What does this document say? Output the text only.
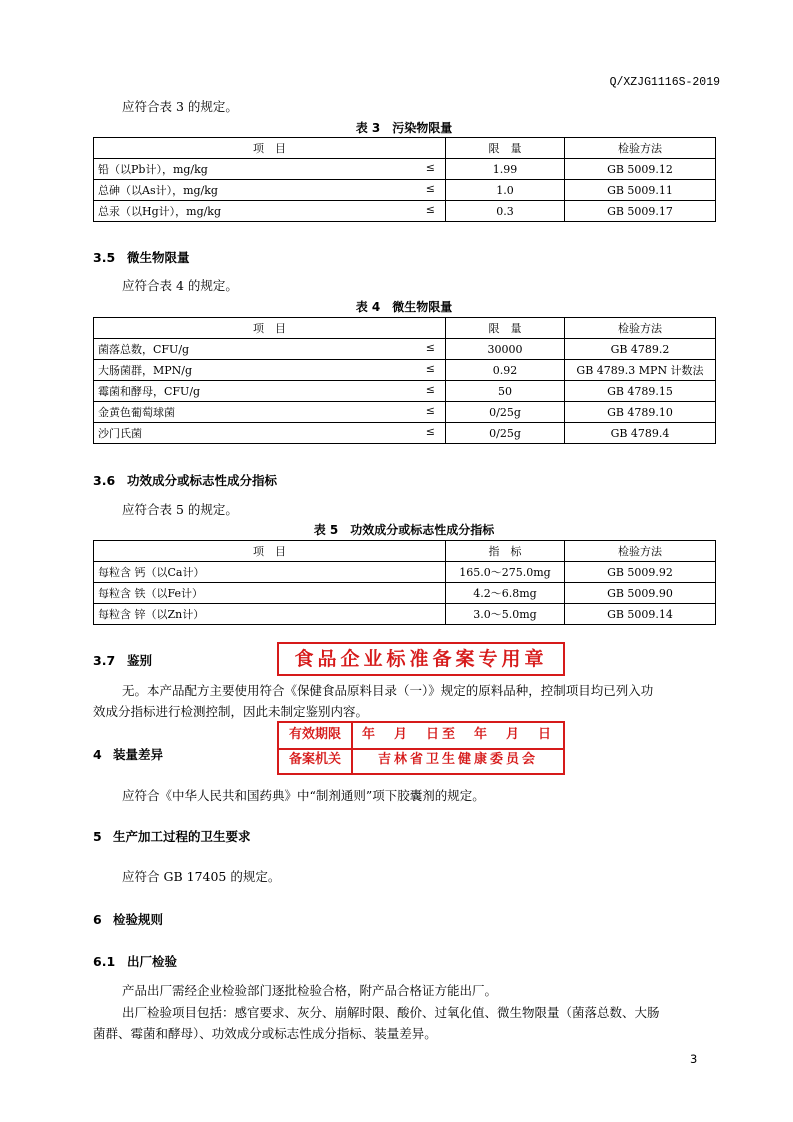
Q/XZJG1116S-2019
应符合表 3 的规定。
表 3　污染物限量
项　目	限　量	检验方法
铅（以Pb计），mg/kg ≤	1.99	GB 5009.12
总砷（以As计），mg/kg ≤	1.0	GB 5009.11
总汞（以Hg计），mg/kg ≤	0.3	GB 5009.17
3.5 微生物限量
应符合表 4 的规定。
表 4　微生物限量
项　目	限　量	检验方法
菌落总数，CFU/g ≤	30000	GB 4789.2
大肠菌群，MPN/g ≤	0.92	GB 4789.3 MPN 计数法
霉菌和酵母，CFU/g ≤	50	GB 4789.15
金黄色葡萄球菌 ≤	0/25g	GB 4789.10
沙门氏菌 ≤	0/25g	GB 4789.4
3.6 功效成分或标志性成分指标
应符合表 5 的规定。
表 5　功效成分或标志性成分指标
项　目	指　标	检验方法
每粒含 钙（以Ca计）	165.0～275.0mg	GB 5009.92
每粒含 铁（以Fe计）	4.2～6.8mg	GB 5009.90
每粒含 锌（以Zn计）	3.0～5.0mg	GB 5009.14
3.7 鉴别
无。本产品配方主要使用符合《保健食品原料目录（一）》规定的原料品种，控制项目均已列入功
效成分指标进行检测控制，因此未制定鉴别内容。
食品企业标准备案专用章
有效期限	年　月　日至　年　月　日
备案机关	吉林省卫生健康委员会
4 装量差异
应符合《中华人民共和国药典》中“制剂通则”项下胶囊剂的规定。
5 生产加工过程的卫生要求
应符合 GB 17405 的规定。
6 检验规则
6.1 出厂检验
产品出厂需经企业检验部门逐批检验合格，附产品合格证方能出厂。
出厂检验项目包括：感官要求、灰分、崩解时限、酸价、过氧化值、微生物限量（菌落总数、大肠
菌群、霉菌和酵母）、功效成分或标志性成分指标、装量差异。
3
